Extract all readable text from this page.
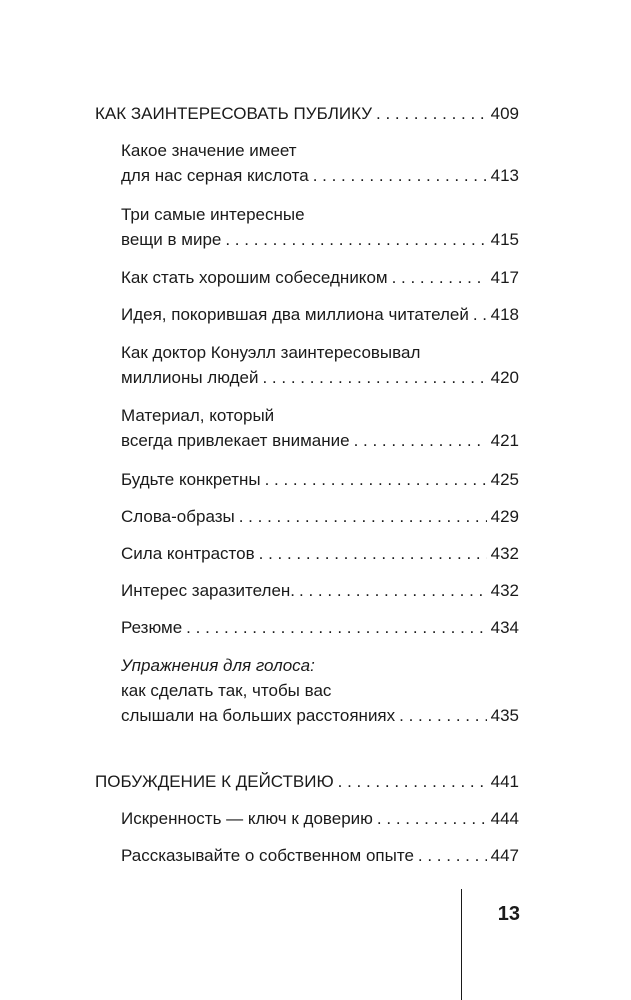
КАК ЗАИНТЕРЕСОВАТЬ ПУБЛИКУ . . .	409
Какое значение имеет
для нас серная кислота . . .	413
Три самые интересные
вещи в мире . . .	415
Как стать хорошим собеседником . . .	417
Идея, покорившая два миллиона читателей . . . 418
Как доктор Конуэлл заинтересовывал
миллионы людей . . .	420
Материал, который
всегда привлекает внимание . . .	421
Будьте конкретны . . .	425
Слова-образы . . .	429
Сила контрастов . . .	432
Интерес заразителен. . . .	432
Резюме . . .	434
Упражнения для голоса:
как сделать так, чтобы вас
слышали на больших расстояниях . . .	435
ПОБУЖДЕНИЕ К ДЕЙСТВИЮ . . .	441
Искренность — ключ к доверию . . .	444
Рассказывайте о собственном опыте . . .	447
13
